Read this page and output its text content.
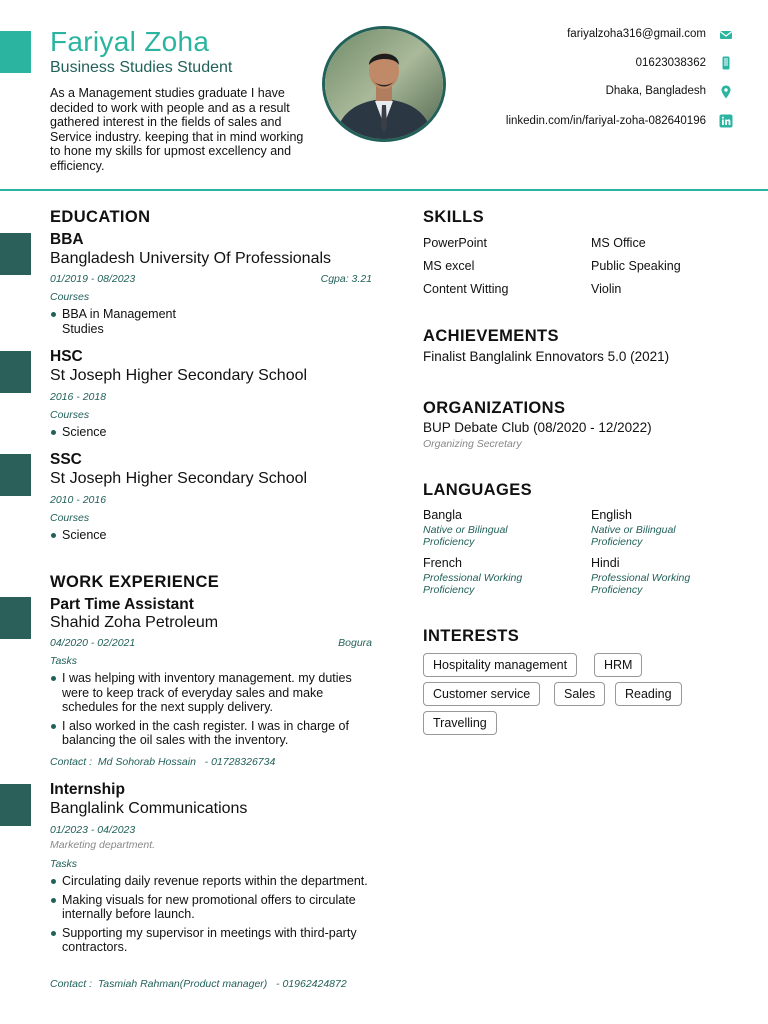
Fariyal Zoha
Business Studies Student
As a Management studies graduate I have decided to work with people and as a result gathered interest in the fields of sales and Service industry. keeping that in mind working to hone my skills for upmost excellency and efficiency.
fariyalzoha316@gmail.com
01623038362
Dhaka, Bangladesh
linkedin.com/in/fariyal-zoha-082640196
EDUCATION
BBA
Bangladesh University Of Professionals
01/2019 - 08/2023	Cgpa: 3.21
Courses
BBA in Management Studies
HSC
St Joseph Higher Secondary School
2016 - 2018
Courses
Science
SSC
St Joseph Higher Secondary School
2010 - 2016
Courses
Science
WORK EXPERIENCE
Part Time Assistant
Shahid Zoha Petroleum
04/2020 - 02/2021	Bogura
Tasks
I was helping with inventory management. my duties were to keep track of everyday sales and make schedules for the next supply delivery.
I also worked in the cash register. I was in charge of balancing the oil sales with the inventory.
Contact :  Md Sohorab Hossain   - 01728326734
Internship
Banglalink Communications
01/2023 - 04/2023
Marketing department.
Tasks
Circulating daily revenue reports within the department.
Making visuals for new promotional offers to circulate internally before launch.
Supporting my supervisor in meetings with third-party contractors.
Contact :  Tasmiah Rahman(Product manager)   - 01962424872
SKILLS
PowerPoint	MS Office
MS excel	Public Speaking
Content Witting	Violin
ACHIEVEMENTS
Finalist Banglalink Ennovators 5.0 (2021)
ORGANIZATIONS
BUP Debate Club (08/2020 - 12/2022)
Organizing Secretary
LANGUAGES
Bangla
Native or Bilingual Proficiency
English
Native or Bilingual Proficiency
French
Professional Working Proficiency
Hindi
Professional Working Proficiency
INTERESTS
Hospitality management	HRM
Customer service	Sales	Reading
Travelling
